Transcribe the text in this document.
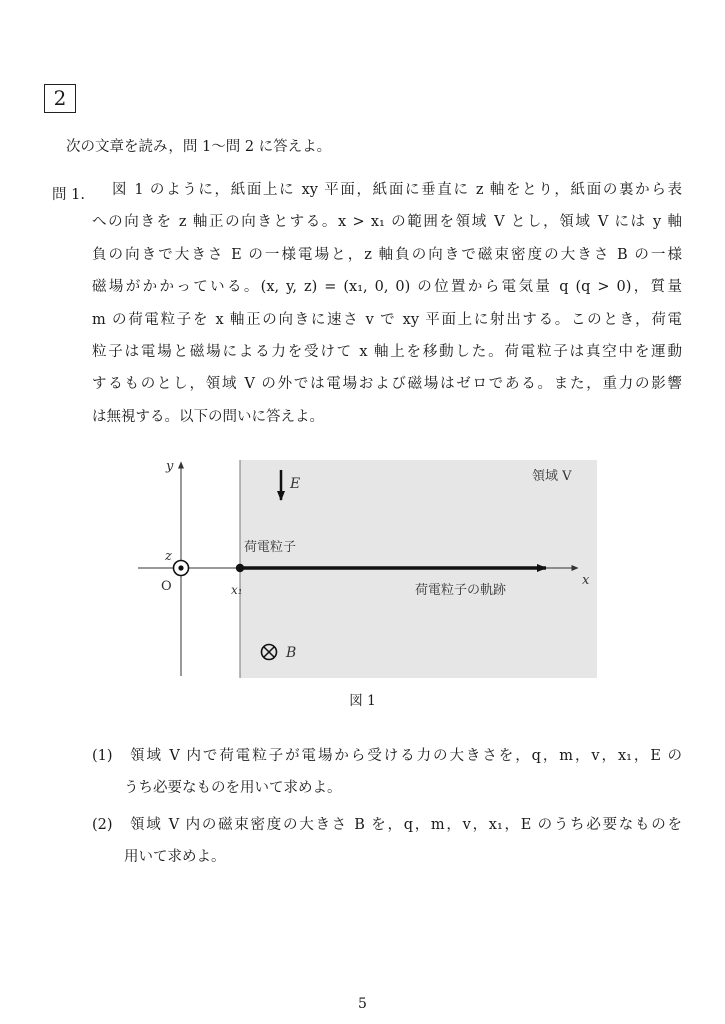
2
次の文章を読み，問 1〜問 2 に答えよ。
問 1.	図 1 のように，紙面上に xy 平面，紙面に垂直に z 軸をとり，紙面の裏から表
への向きを z 軸正の向きとする。x > x₁ の範囲を領域 V とし，領域 V には y 軸
負の向きで大きさ E の一様電場と，z 軸負の向きで磁束密度の大きさ B の一様
磁場がかかっている。(x, y, z) = (x₁, 0, 0) の位置から電気量 q (q > 0)，質量
m の荷電粒子を x 軸正の向きに速さ v で xy 平面上に射出する。このとき，荷電
粒子は電場と磁場による力を受けて x 軸上を移動した。荷電粒子は真空中を運動
するものとし，領域 V の外では電場および磁場はゼロである。また，重力の影響
は無視する。以下の問いに答えよ。
y
x
z
O	x₁
領域 V
E
B
荷電粒子
荷電粒子の軌跡
図 1
(1) 領域 V 内で荷電粒子が電場から受ける力の大きさを，q，m，v，x₁，E の
うち必要なものを用いて求めよ。
(2) 領域 V 内の磁束密度の大きさ B を，q，m，v，x₁，E のうち必要なものを
用いて求めよ。
5
